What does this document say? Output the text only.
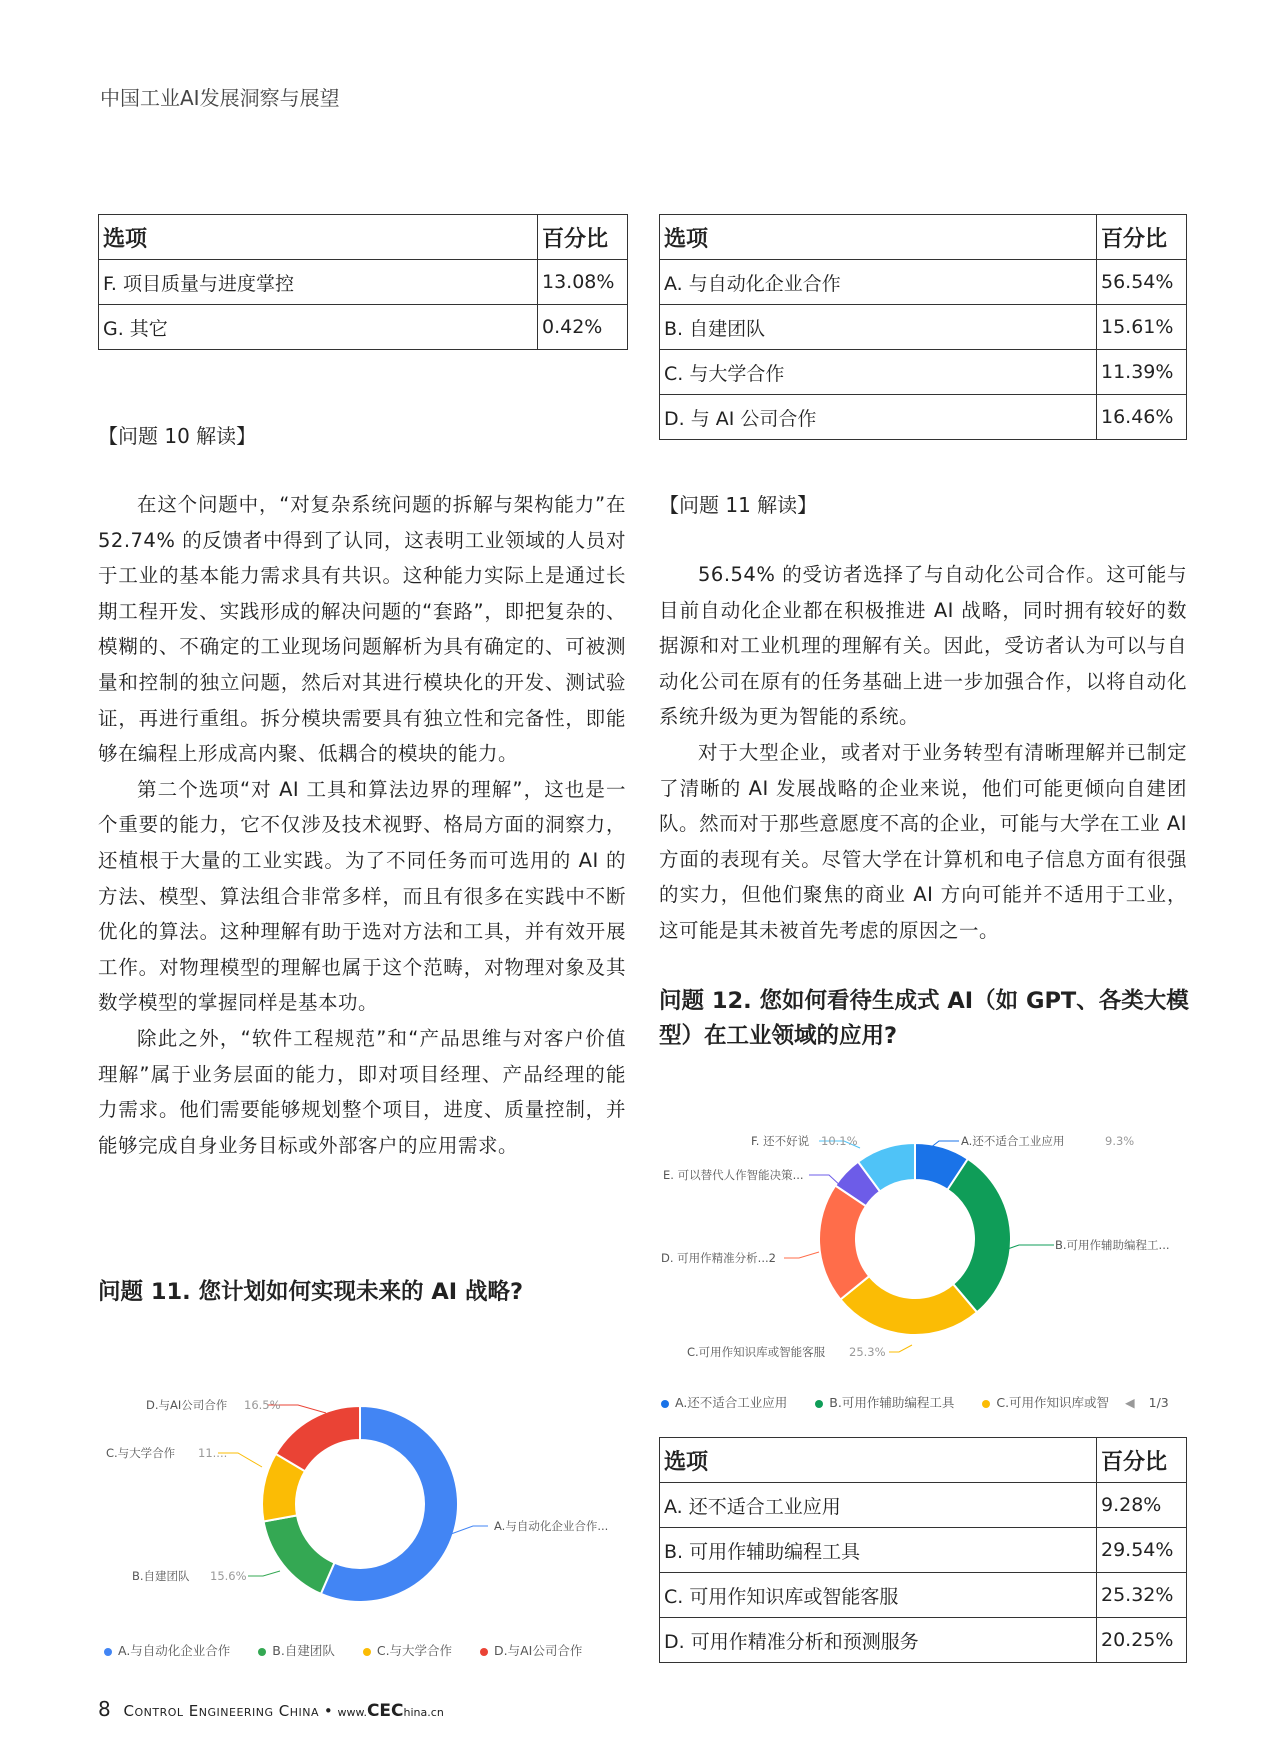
中国工业AI发展洞察与展望
选项	百分比
F. 项目质量与进度掌控	13.08%
G. 其它	0.42%
选项	百分比
A. 与自动化企业合作	56.54%
B. 自建团队	15.61%
C. 与大学合作	11.39%
D. 与 AI 公司合作	16.46%
【问题 10 解读】

在这个问题中，“对复杂系统问题的拆解与架构能力”在 52.74% 的反馈者中得到了认同，这表明工业领域的人员对于工业的基本能力需求具有共识。这种能力实际上是通过长期工程开发、实践形成的解决问题的“套路”，即把复杂的、模糊的、不确定的工业现场问题解析为具有确定的、可被测量和控制的独立问题，然后对其进行模块化的开发、测试验证，再进行重组。拆分模块需要具有独立性和完备性，即能够在编程上形成高内聚、低耦合的模块的能力。

第二个选项“对 AI 工具和算法边界的理解”，这也是一个重要的能力，它不仅涉及技术视野、格局方面的洞察力，还植根于大量的工业实践。为了不同任务而可选用的 AI 的方法、模型、算法组合非常多样，而且有很多在实践中不断优化的算法。这种理解有助于选对方法和工具，并有效开展工作。对物理模型的理解也属于这个范畴，对物理对象及其数学模型的掌握同样是基本功。

除此之外，“软件工程规范”和“产品思维与对客户价值理解”属于业务层面的能力，即对项目经理、产品经理的能力需求。他们需要能够规划整个项目，进度、质量控制，并能够完成自身业务目标或外部客户的应用需求。

问题 11. 您计划如何实现未来的 AI 战略?
D.与AI公司合作 16.5%
C.与大学合作 11....
B.自建团队 15.6%
A.与自动化企业合作...
A.与自动化企业合作	B.自建团队	C.与大学合作	D.与AI公司合作
【问题 11 解读】

56.54% 的受访者选择了与自动化公司合作。这可能与目前自动化企业都在积极推进 AI 战略，同时拥有较好的数据源和对工业机理的理解有关。因此，受访者认为可以与自动化公司在原有的任务基础上进一步加强合作，以将自动化系统升级为更为智能的系统。

对于大型企业，或者对于业务转型有清晰理解并已制定了清晰的 AI 发展战略的企业来说，他们可能更倾向自建团队。然而对于那些意愿度不高的企业，可能与大学在工业 AI 方面的表现有关。尽管大学在计算机和电子信息方面有很强的实力，但他们聚焦的商业 AI 方向可能并不适用于工业，这可能是其未被首先考虑的原因之一。

问题 12. 您如何看待生成式 AI（如 GPT、各类大模型）在工业领域的应用?
F. 还不好说 10.1%	A.还不适合工业应用	9.3%
E. 可以替代人作智能决策...
B.可用作辅助编程工...
D. 可用作精准分析...2
C.可用作知识库或智能客服 25.3%
A.还不适合工业应用	B.可用作辅助编程工具	C.可用作知识库或智 ◀ 1/3
选项	百分比
A. 还不适合工业应用	9.28%
B. 可用作辅助编程工具	29.54%
C. 可用作知识库或智能客服	25.32%
D. 可用作精准分析和预测服务	20.25%
8 Control Engineering China • www.CEChina.cn
